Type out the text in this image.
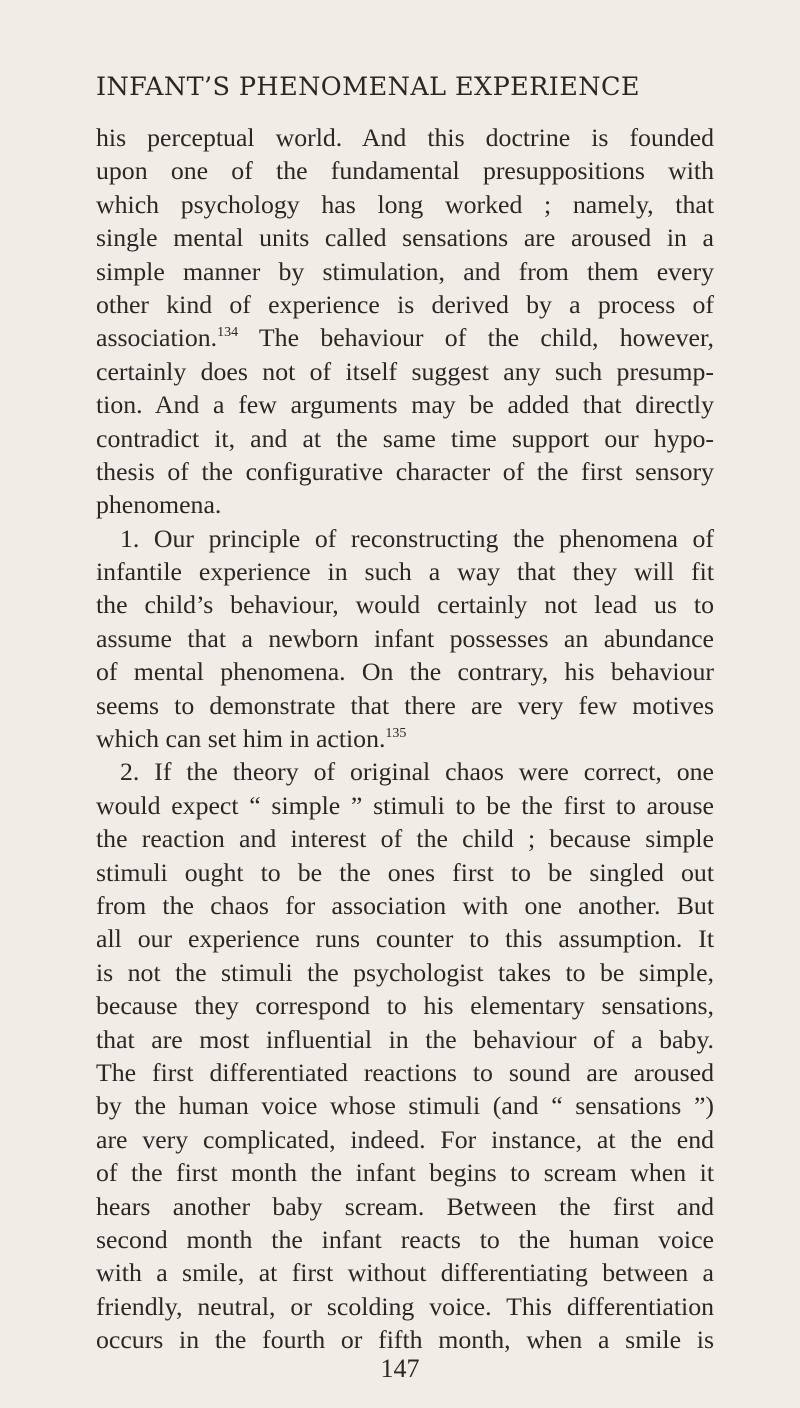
INFANT’S PHENOMENAL EXPERIENCE
his perceptual world. And this doctrine is founded
upon one of the fundamental presuppositions with
which psychology has long worked ; namely, that
single mental units called sensations are aroused in a
simple manner by stimulation, and from them every
other kind of experience is derived by a process of
association.$^{134}$ The behaviour of the child, however,
certainly does not of itself suggest any such presump-
tion. And a few arguments may be added that directly
contradict it, and at the same time support our hypo-
thesis of the configurative character of the first sensory
phenomena.
1. Our principle of reconstructing the phenomena of
infantile experience in such a way that they will fit
the child’s behaviour, would certainly not lead us to
assume that a newborn infant possesses an abundance
of mental phenomena. On the contrary, his behaviour
seems to demonstrate that there are very few motives
which can set him in action.$^{135}$
2. If the theory of original chaos were correct, one
would expect “ simple ” stimuli to be the first to arouse
the reaction and interest of the child ; because simple
stimuli ought to be the ones first to be singled out
from the chaos for association with one another. But
all our experience runs counter to this assumption. It
is not the stimuli the psychologist takes to be simple,
because they correspond to his elementary sensations,
that are most influential in the behaviour of a baby.
The first differentiated reactions to sound are aroused
by the human voice whose stimuli (and “ sensations ”)
are very complicated, indeed. For instance, at the end
of the first month the infant begins to scream when it
hears another baby scream. Between the first and
second month the infant reacts to the human voice
with a smile, at first without differentiating between a
friendly, neutral, or scolding voice. This differentiation
occurs in the fourth or fifth month, when a smile is
147
